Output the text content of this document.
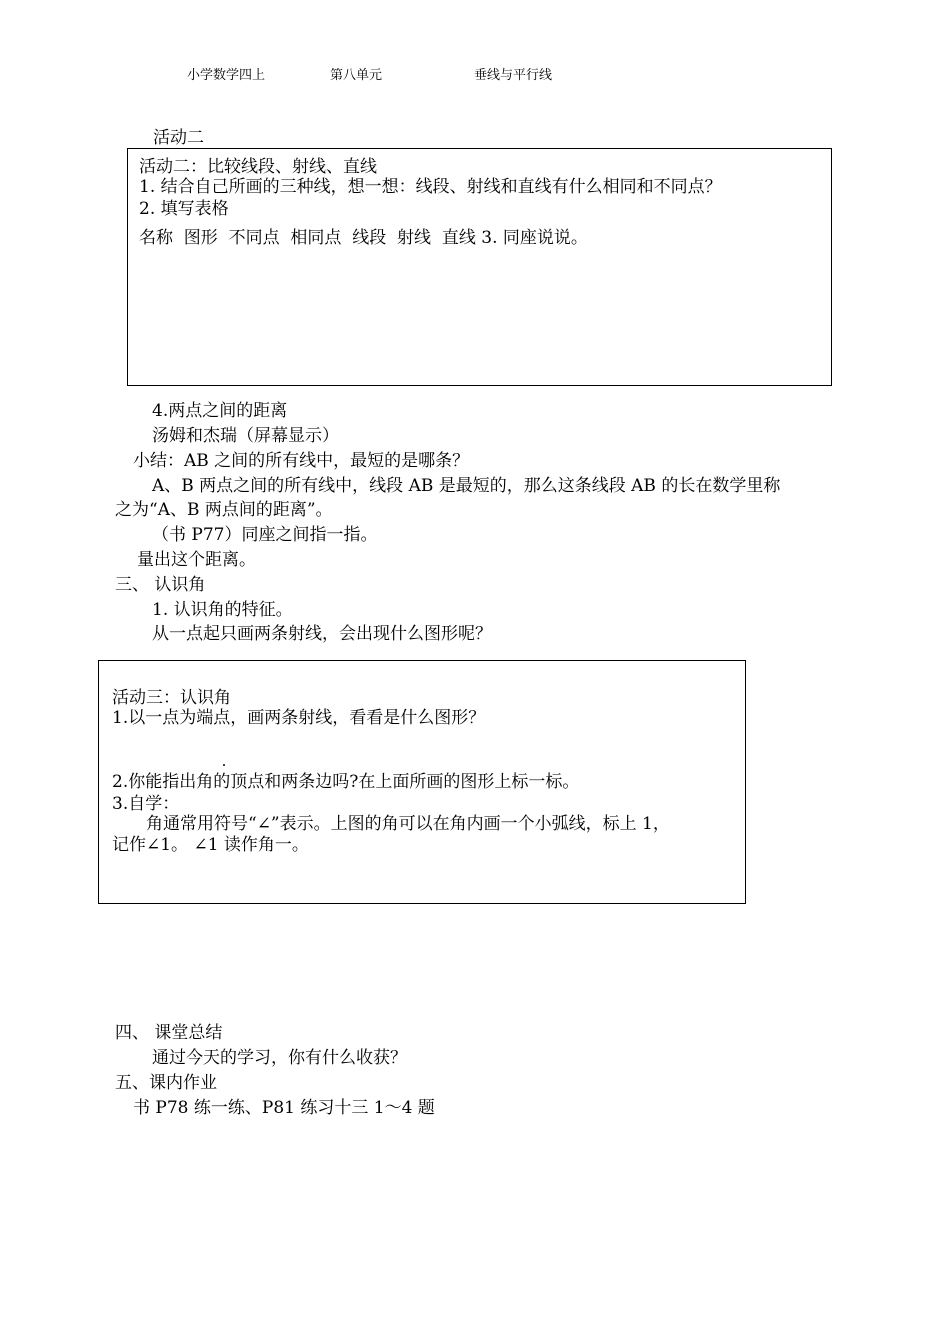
小学数学四上	第八单元	垂线与平行线
活动二
活动二：比较线段、射线、直线
1. 结合自己所画的三种线，想一想：线段、射线和直线有什么相同和不同点？
2. 填写表格
名称  图形  不同点  相同点  线段  射线  直线 3. 同座说说。
4.两点之间的距离
汤姆和杰瑞（屏幕显示）
小结：AB 之间的所有线中，最短的是哪条？
A、B 两点之间的所有线中，线段 AB 是最短的，那么这条线段 AB 的长在数学里称
之为“A、B 两点间的距离”。
（书 P77）同座之间指一指。
量出这个距离。
三、 认识角
1. 认识角的特征。
从一点起只画两条射线，会出现什么图形呢？
活动三：认识角
1.以一点为端点，画两条射线，看看是什么图形？
2.你能指出角的顶点和两条边吗?在上面所画的图形上标一标。
3.自学：
角通常用符号“∠”表示。上图的角可以在角内画一个小弧线，标上 1，
记作∠1。 ∠1 读作角一。
四、 课堂总结
通过今天的学习，你有什么收获？
五、课内作业
书 P78 练一练、P81 练习十三 1～4 题
